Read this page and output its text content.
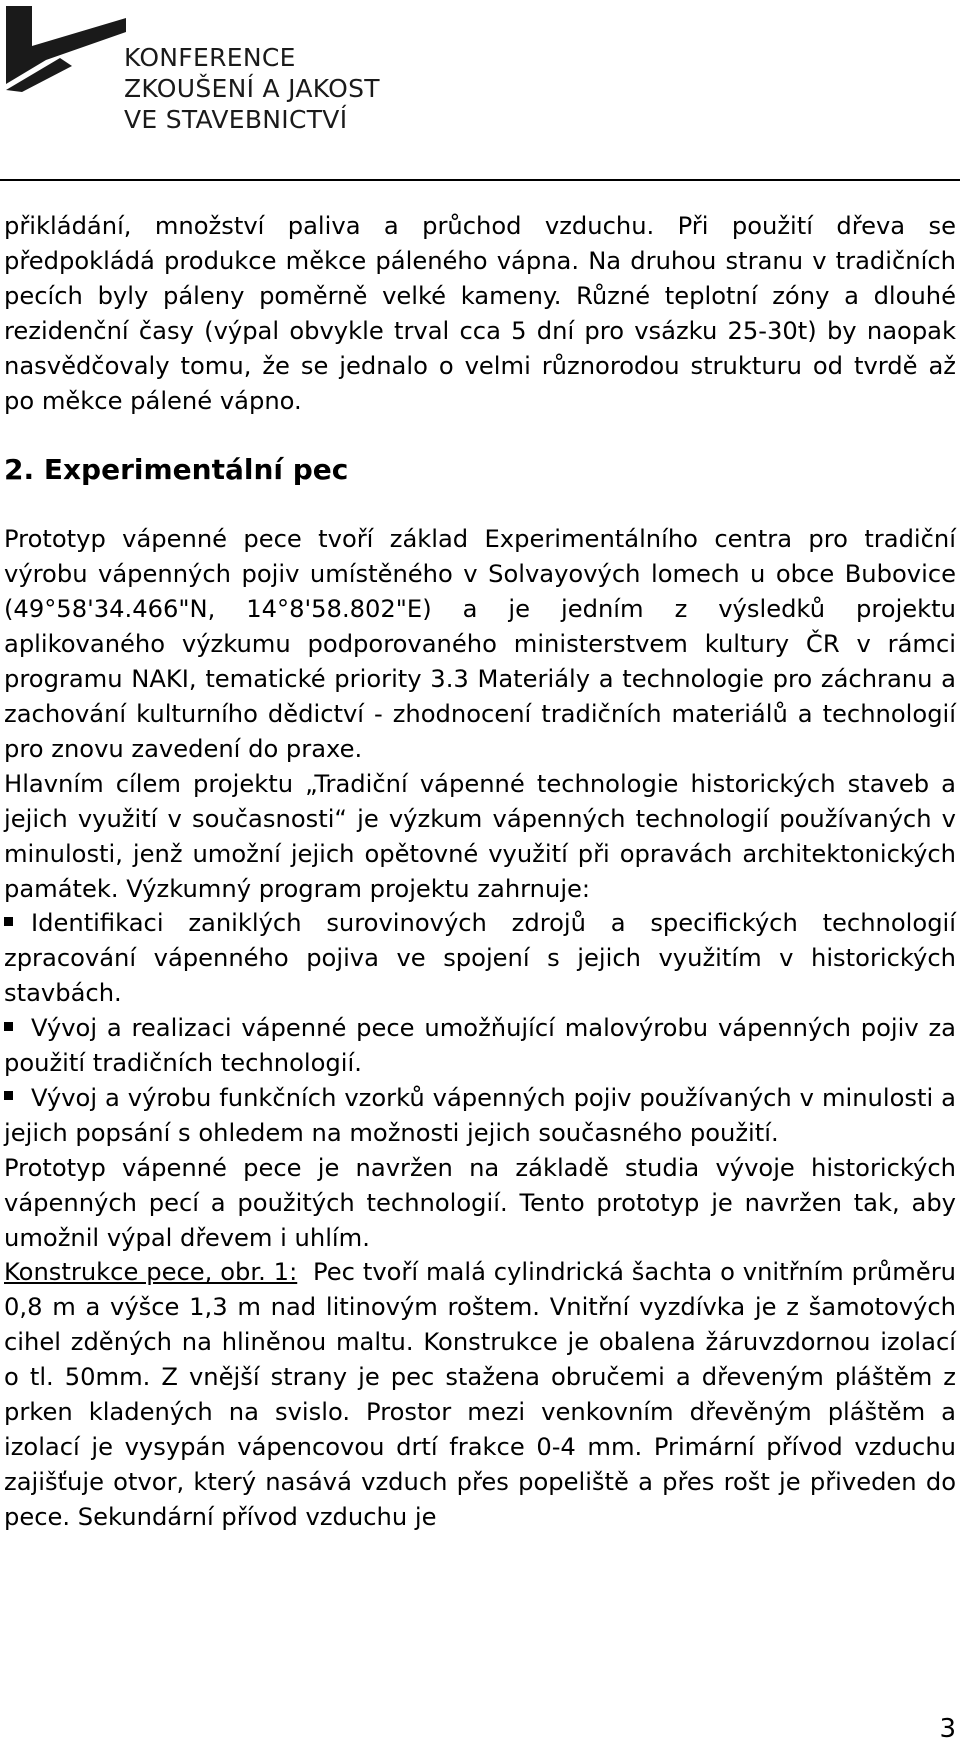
KONFERENCE
ZKOUŠENÍ A JAKOST
VE STAVEBNICTVÍ

přikládání, množství paliva a průchod vzduchu. Při použití dřeva se předpokládá produkce měkce páleného vápna. Na druhou stranu v tradičních pecích byly páleny poměrně velké kameny. Různé teplotní zóny a dlouhé rezidenční časy (výpal obvykle trval cca 5 dní pro vsázku 25-30t) by naopak nasvědčovaly tomu, že se jednalo o velmi různorodou strukturu od tvrdě až po měkce pálené vápno.

2. Experimentální pec

Prototyp vápenné pece tvoří základ Experimentálního centra pro tradiční výrobu vápenných pojiv umístěného v Solvayových lomech u obce Bubovice (49°58'34.466"N, 14°8'58.802"E) a je jedním z výsledků projektu aplikovaného výzkumu podporovaného ministerstvem kultury ČR v rámci programu NAKI, tematické priority 3.3 Materiály a technologie pro záchranu a zachování kulturního dědictví - zhodnocení tradičních materiálů a technologií pro znovu zavedení do praxe.

Hlavním cílem projektu „Tradiční vápenné technologie historických staveb a jejich využití v současnosti“ je výzkum vápenných technologií používaných v minulosti, jenž umožní jejich opětovné využití při opravách architektonických památek. Výzkumný program projektu zahrnuje:

Identifikaci zaniklých surovinových zdrojů a specifických technologií zpracování vápenného pojiva ve spojení s jejich využitím v historických stavbách.

Vývoj a realizaci vápenné pece umožňující malovýrobu vápenných pojiv za použití tradičních technologií.

Vývoj a výrobu funkčních vzorků vápenných pojiv používaných v minulosti a jejich popsání s ohledem na možnosti jejich současného použití.

Prototyp vápenné pece je navržen na základě studia vývoje historických vápenných pecí a použitých technologií. Tento prototyp je navržen tak, aby umožnil výpal dřevem i uhlím.

Konstrukce pece, obr. 1: Pec tvoří malá cylindrická šachta o vnitřním průměru 0,8 m a výšce 1,3 m nad litinovým roštem. Vnitřní vyzdívka je z šamotových cihel zděných na hliněnou maltu. Konstrukce je obalena žáruvzdornou izolací o tl. 50mm. Z vnější strany je pec stažena obručemi a dřeveným pláštěm z prken kladených na svislo. Prostor mezi venkovním dřevěným pláštěm a izolací je vysypán vápencovou drtí frakce 0-4 mm. Primární přívod vzduchu zajišťuje otvor, který nasává vzduch přes popeliště a přes rošt je přiveden do pece. Sekundární přívod vzduchu je

3
